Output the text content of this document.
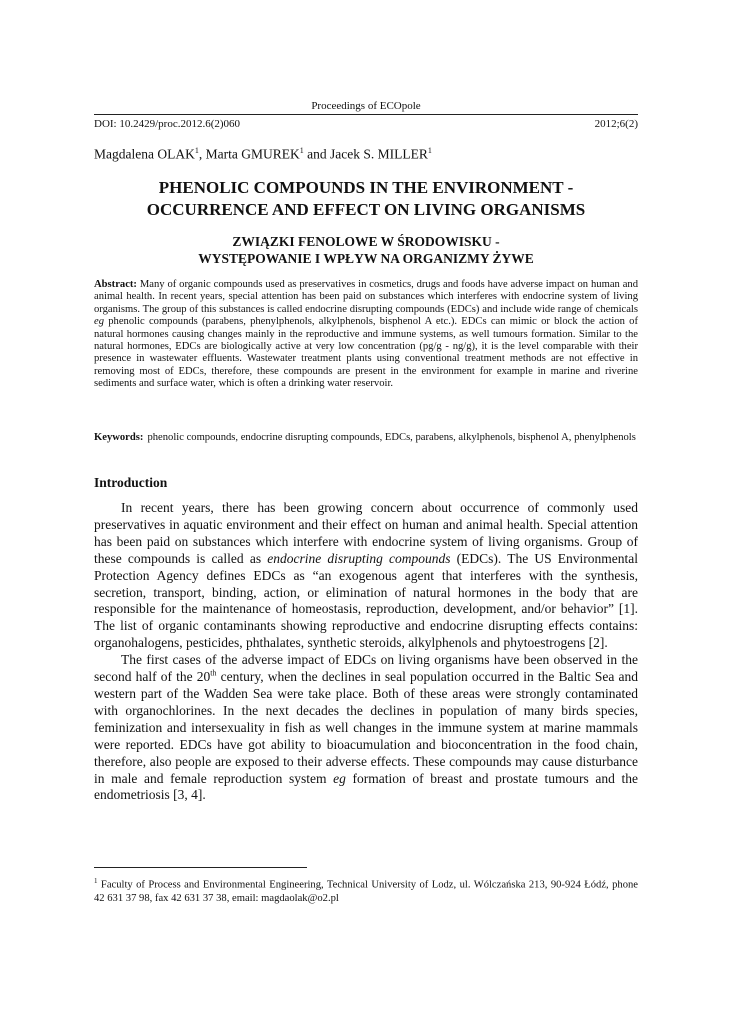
Proceedings of ECOpole
DOI: 10.2429/proc.2012.6(2)060	2012;6(2)
Magdalena OLAK$^1$, Marta GMUREK$^1$ and Jacek S. MILLER$^1$
PHENOLIC COMPOUNDS IN THE ENVIRONMENT -
OCCURRENCE AND EFFECT ON LIVING ORGANISMS
ZWIĄZKI FENOLOWE W ŚRODOWISKU -
WYSTĘPOWANIE I WPŁYW NA ORGANIZMY ŻYWE
Abstract: Many of organic compounds used as preservatives in cosmetics, drugs and foods have adverse impact on human and animal health. In recent years, special attention has been paid on substances which interferes with endocrine system of living organisms. The group of this substances is called endocrine disrupting compounds (EDCs) and include wide range of chemicals eg phenolic compounds (parabens, phenylphenols, alkylphenols, bisphenol A etc.). EDCs can mimic or block the action of natural hormones causing changes mainly in the reproductive and immune systems, as well tumours formation. Similar to the natural hormones, EDCs are biologically active at very low concentration (pg/g - ng/g), it is the level comparable with their presence in wastewater effluents. Wastewater treatment plants using conventional treatment methods are not effective in removing most of EDCs, therefore, these compounds are present in the environment for example in marine and riverine sediments and surface water, which is often a drinking water reservoir.
Keywords: phenolic compounds, endocrine disrupting compounds, EDCs, parabens, alkylphenols, bisphenol A, phenylphenols
Introduction

In recent years, there has been growing concern about occurrence of commonly used preservatives in aquatic environment and their effect on human and animal health. Special attention has been paid on substances which interfere with endocrine system of living organisms. Group of these compounds is called as endocrine disrupting compounds (EDCs). The US Environmental Protection Agency defines EDCs as “an exogenous agent that interferes with the synthesis, secretion, transport, binding, action, or elimination of natural hormones in the body that are responsible for the maintenance of homeostasis, reproduction, development, and/or behavior” [1]. The list of organic contaminants showing reproductive and endocrine disrupting effects contains: organohalogens, pesticides, phthalates, synthetic steroids, alkylphenols and phytoestrogens [2].

The first cases of the adverse impact of EDCs on living organisms have been observed in the second half of the 20th century, when the declines in seal population occurred in the Baltic Sea and western part of the Wadden Sea were take place. Both of these areas were strongly contaminated with organochlorines. In the next decades the declines in population of many birds species, feminization and intersexuality in fish as well changes in the immune system at marine mammals were reported. EDCs have got ability to bioacumulation and bioconcentration in the food chain, therefore, also people are exposed to their adverse effects. These compounds may cause disturbance in male and female reproduction system eg formation of breast and prostate tumours and the endometriosis [3, 4].

$^1$ Faculty of Process and Environmental Engineering, Technical University of Lodz, ul. Wólczańska 213, 90-924 Łódź, phone 42 631 37 98, fax 42 631 37 38, email: magdaolak@o2.pl
